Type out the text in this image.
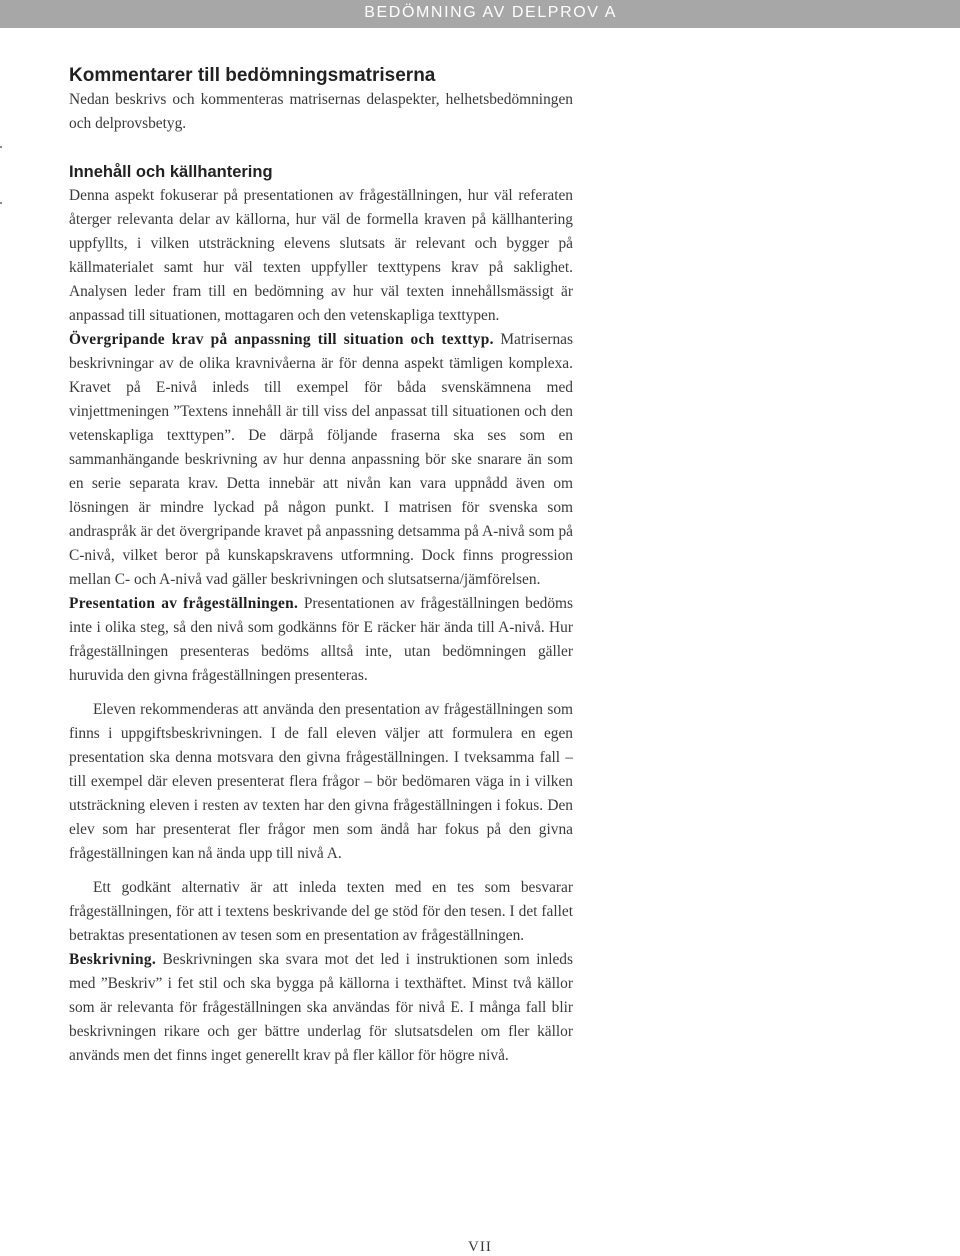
BEDÖMNING AV DELPROV A
Kommentarer till bedömningsmatriserna

Nedan beskrivs och kommenteras matrisernas delaspekter, helhetsbedömningen och delprovsbetyg.

Innehåll och källhantering

Denna aspekt fokuserar på presentationen av frågeställningen, hur väl referaten återger relevanta delar av källorna, hur väl de formella kraven på källhantering uppfyllts, i vilken utsträckning elevens slutsats är relevant och bygger på källmaterialet samt hur väl texten uppfyller texttypens krav på saklighet. Analysen leder fram till en bedömning av hur väl texten innehållsmässigt är anpassad till situationen, mottagaren och den vetenskapliga texttypen.

Övergripande krav på anpassning till situation och texttyp. Matrisernas beskrivningar av de olika kravnivåerna är för denna aspekt tämligen komplexa. Kravet på E-nivå inleds till exempel för båda svenskämnena med vinjettmeningen ”Textens innehåll är till viss del anpassat till situationen och den vetenskapliga texttypen”. De därpå följande fraserna ska ses som en sammanhängande beskrivning av hur denna anpassning bör ske snarare än som en serie separata krav. Detta innebär att nivån kan vara uppnådd även om lösningen är mindre lyckad på någon punkt. I matrisen för svenska som andraspråk är det övergripande kravet på anpassning detsamma på A-nivå som på C-nivå, vilket beror på kunskapskravens utformning. Dock finns progression mellan C- och A-nivå vad gäller beskrivningen och slutsatserna/jämförelsen.

Presentation av frågeställningen. Presentationen av frågeställningen bedöms inte i olika steg, så den nivå som godkänns för E räcker här ända till A-nivå. Hur frågeställningen presenteras bedöms alltså inte, utan bedömningen gäller huruvida den givna frågeställningen presenteras.

Eleven rekommenderas att använda den presentation av frågeställningen som finns i uppgiftsbeskrivningen. I de fall eleven väljer att formulera en egen presentation ska denna motsvara den givna frågeställningen. I tveksamma fall – till exempel där eleven presenterat flera frågor – bör bedömaren väga in i vilken utsträckning eleven i resten av texten har den givna frågeställningen i fokus. Den elev som har presenterat fler frågor men som ändå har fokus på den givna frågeställningen kan nå ända upp till nivå A.

Ett godkänt alternativ är att inleda texten med en tes som besvarar frågeställningen, för att i textens beskrivande del ge stöd för den tesen. I det fallet betraktas presentationen av tesen som en presentation av frågeställningen.

Beskrivning. Beskrivningen ska svara mot det led i instruktionen som inleds med ”Beskriv” i fet stil och ska bygga på källorna i texthäftet. Minst två källor som är relevanta för frågeställningen ska användas för nivå E. I många fall blir beskrivningen rikare och ger bättre underlag för slutsatsdelen om fler källor används men det finns inget generellt krav på fler källor för högre nivå.

VII
